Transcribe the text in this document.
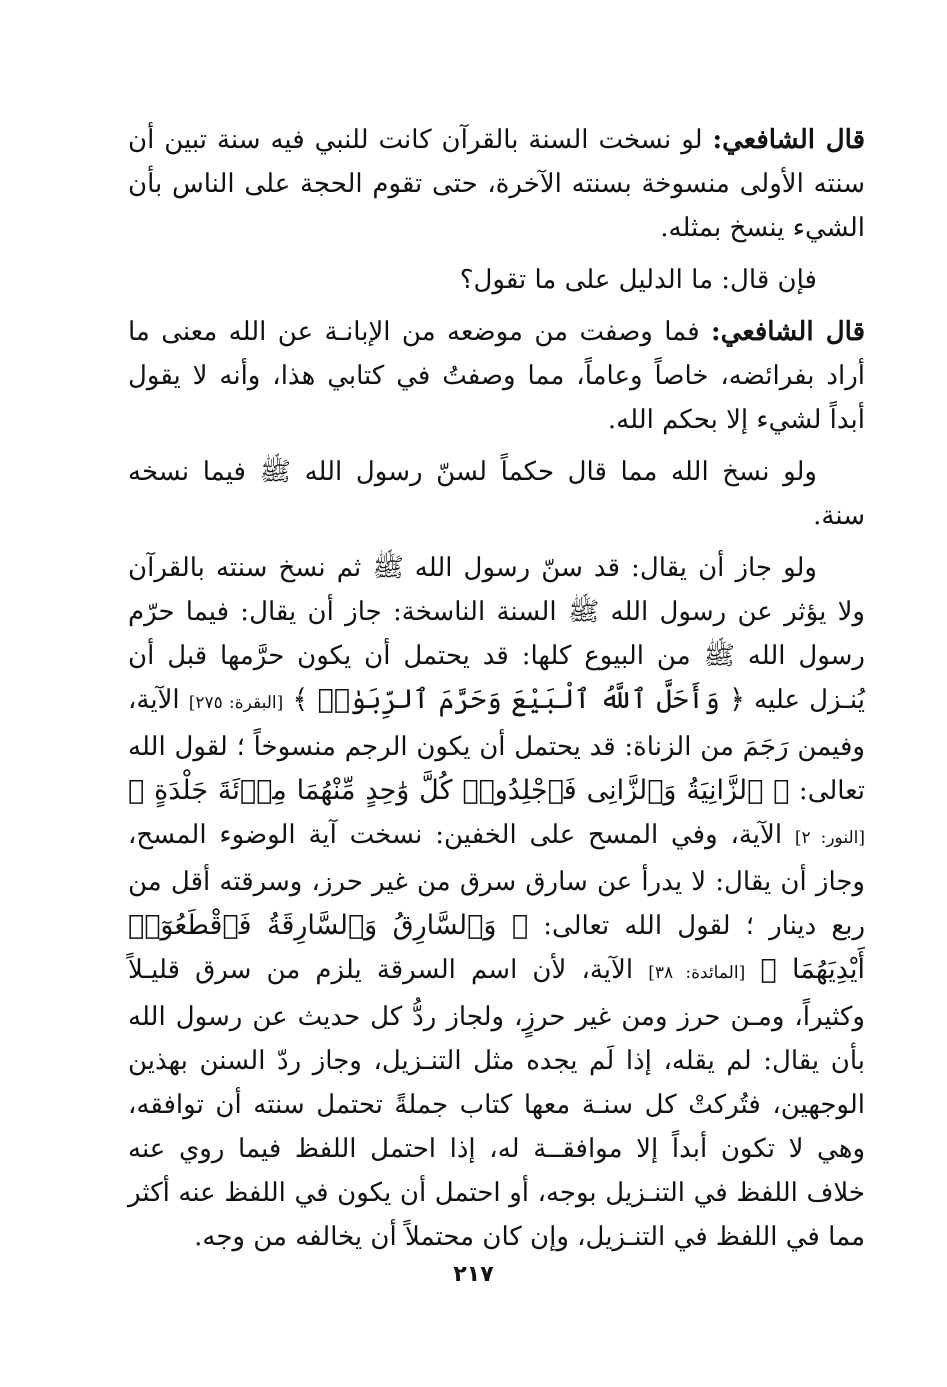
قال الشافعي: لو نسخت السنة بالقرآن كانت للنبي فيه سنة تبين أن سنته الأولى منسوخة بسنته الآخرة، حتى تقوم الحجة على الناس بأن الشيء ينسخ بمثله.

فإن قال: ما الدليل على ما تقول؟

قال الشافعي: فما وصفت من موضعه من الإبانـة عن الله معنى ما أراد بفرائضه، خاصاً وعاماً، مما وصفتُ في كتابي هذا، وأنه لا يقول أبداً لشيء إلا بحكم الله.

ولو نسخ الله مما قال حكماً لسنّ رسول الله ﷺ فيما نسخه سنة.

ولو جاز أن يقال: قد سنّ رسول الله ﷺ ثم نسخ سنته بالقرآن ولا يؤثر عن رسول الله ﷺ السنة الناسخة: جاز أن يقال: فيما حرّم رسول الله ﷺ من البيوع كلها: قد يحتمل أن يكون حرَّمها قبل أن يُنـزل عليه ﴿ وَأَحَلَّ ٱللَّهُ ٱلْبَيْعَ وَحَرَّمَ ٱلرِّبَوٰا۟ ﴾ [البقرة: ٢٧٥] الآية، وفيمن رَجَمَ من الزناة: قد يحتمل أن يكون الرجم منسوخاً ؛ لقول الله تعالى: ﴿ ٱلزَّانِيَةُ وَٱلزَّانِى فَٱجْلِدُوا۟ كُلَّ وَٰحِدٍ مِّنْهُمَا مِا۟ئَةَ جَلْدَةٍ ﴾ [النور: ٢] الآية، وفي المسح على الخفين: نسخت آية الوضوء المسح، وجاز أن يقال: لا يدرأ عن سارق سرق من غير حرز، وسرقته أقل من ربع دينار ؛ لقول الله تعالى: ﴿ وَٱلسَّارِقُ وَٱلسَّارِقَةُ فَٱقْطَعُوٓا۟ أَيْدِيَهُمَا ﴾ [المائدة: ٣٨] الآية، لأن اسم السرقة يلزم من سرق قليـلاً وكثيراً، ومـن حرز ومن غير حرزٍ، ولجاز ردُّ كل حديث عن رسول الله بأن يقال: لم يقله، إذا لَم يجده مثل التنـزيل، وجاز ردّ السنن بهذين الوجهين، فتُركتْ كل سنـة معها كتاب جملةً تحتمل سنته أن توافقه، وهي لا تكون أبداً إلا موافقــة له، إذا احتمل اللفظ فيما روي عنه خلاف اللفظ في التنـزيل بوجه، أو احتمل أن يكون في اللفظ عنه أكثر مما في اللفظ في التنـزيل، وإن كان محتملاً أن يخالفه من وجه.

٢١٧
